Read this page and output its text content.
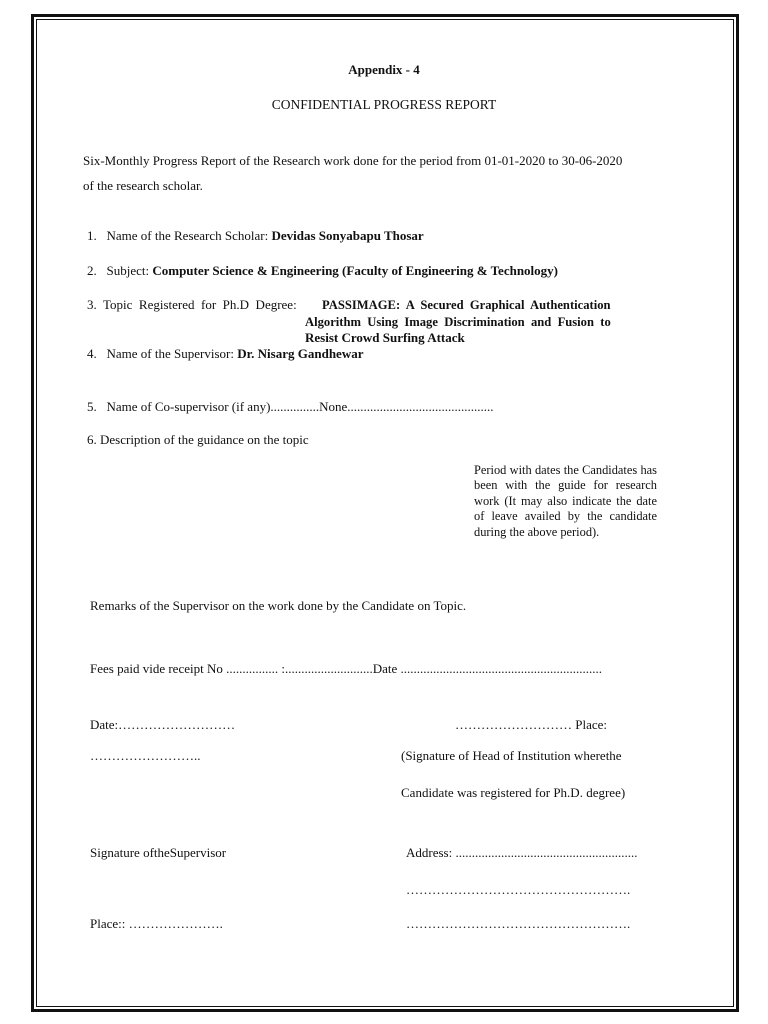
Appendix - 4
CONFIDENTIAL PROGRESS REPORT
Six-Monthly Progress Report of the Research work done for the period from 01-01-2020 to 30-06-2020
of the research scholar.
1.   Name of the Research Scholar: Devidas Sonyabapu Thosar
2.   Subject: Computer Science & Engineering (Faculty of Engineering & Technology)
3.  Topic  Registered  for  Ph.D  Degree: PASSIMAGE:  A  Secured  Graphical  Authentication
Algorithm  Using  Image  Discrimination  and  Fusion  to
Resist Crowd Surfing Attack
4.   Name of the Supervisor: Dr. Nisarg Gandhewar
5.   Name of Co-supervisor (if any)...............None.............................................
6. Description of the guidance on the topic
Period with dates the Candidates has been with the guide for research work (It may also indicate the date of leave availed by the candidate during the above period).
Remarks of the Supervisor on the work done by the Candidate on Topic.
Fees paid vide receipt No ................ :...........................Date ..............................................................
Date:………………………	……………………… Place:
……………………..	(Signature of Head of Institution wherethe
Candidate was registered for Ph.D. degree)
Signature oftheSupervisor	Address: ........................................................
…………………………………………….
Place:: ………………….	…………………………………………….
